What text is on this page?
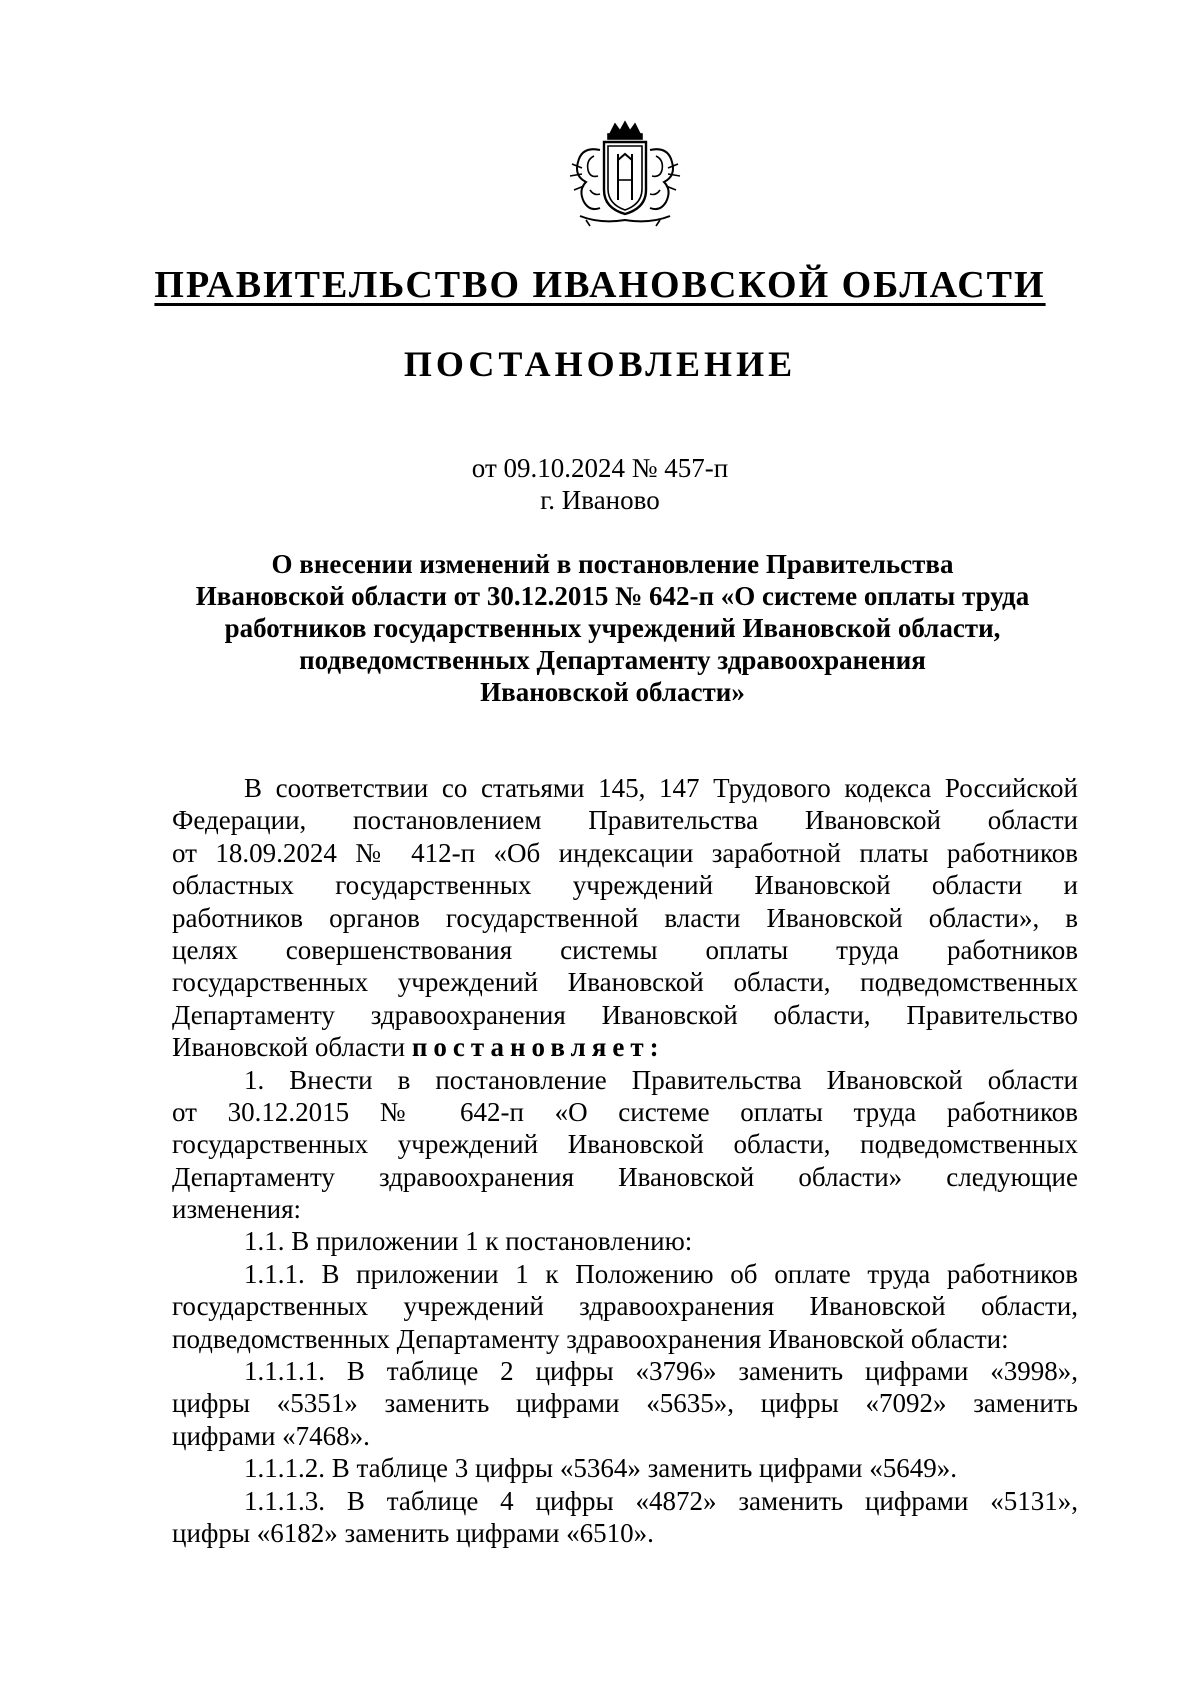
ПРАВИТЕЛЬСТВО ИВАНОВСКОЙ ОБЛАСТИ
ПОСТАНОВЛЕНИЕ
от 09.10.2024 № 457-п
г. Иваново
О внесении изменений в постановление Правительства
Ивановской области от 30.12.2015 № 642-п «О системе оплаты труда
работников государственных учреждений Ивановской области,
подведомственных Департаменту здравоохранения
Ивановской области»
В соответствии со статьями 145, 147 Трудового кодекса Российской
Федерации, постановлением Правительства Ивановской области
от 18.09.2024 № 412-п «Об индексации заработной платы работников
областных государственных учреждений Ивановской области и
работников органов государственной власти Ивановской области», в
целях совершенствования системы оплаты труда работников
государственных учреждений Ивановской области, подведомственных
Департаменту здравоохранения Ивановской области, Правительство
Ивановской области постановляет:
1. Внести в постановление Правительства Ивановской области
от 30.12.2015 № 642-п «О системе оплаты труда работников
государственных учреждений Ивановской области, подведомственных
Департаменту здравоохранения Ивановской области» следующие
изменения:
1.1. В приложении 1 к постановлению:
1.1.1. В приложении 1 к Положению об оплате труда работников
государственных учреждений здравоохранения Ивановской области,
подведомственных Департаменту здравоохранения Ивановской области:
1.1.1.1. В таблице 2 цифры «3796» заменить цифрами «3998»,
цифры «5351» заменить цифрами «5635», цифры «7092» заменить
цифрами «7468».
1.1.1.2. В таблице 3 цифры «5364» заменить цифрами «5649».
1.1.1.3. В таблице 4 цифры «4872» заменить цифрами «5131»,
цифры «6182» заменить цифрами «6510».
